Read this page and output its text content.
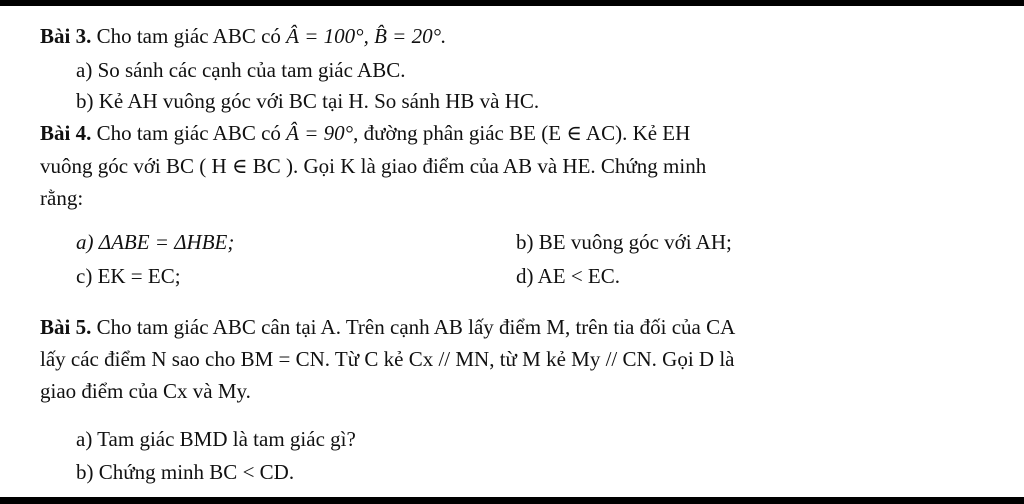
Bài 3. Cho tam giác ABC có Â = 100°, B̂ = 20°.
a) So sánh các cạnh của tam giác ABC.
b) Kẻ AH vuông góc với BC tại H. So sánh HB và HC.
Bài 4. Cho tam giác ABC có Â = 90°, đường phân giác BE (E ∈ AC). Kẻ EH
vuông góc với BC ( H ∈ BC ). Gọi K là giao điểm của AB và HE. Chứng minh
rằng:
a) ΔABE = ΔHBE;	b) BE vuông góc với AH;
c) EK = EC;	d) AE < EC.
Bài 5. Cho tam giác ABC cân tại A. Trên cạnh AB lấy điểm M, trên tia đối của CA
lấy các điểm N sao cho BM = CN. Từ C kẻ Cx // MN, từ M kẻ My // CN. Gọi D là
giao điểm của Cx và My.
a) Tam giác BMD là tam giác gì?
b) Chứng minh BC < CD.
